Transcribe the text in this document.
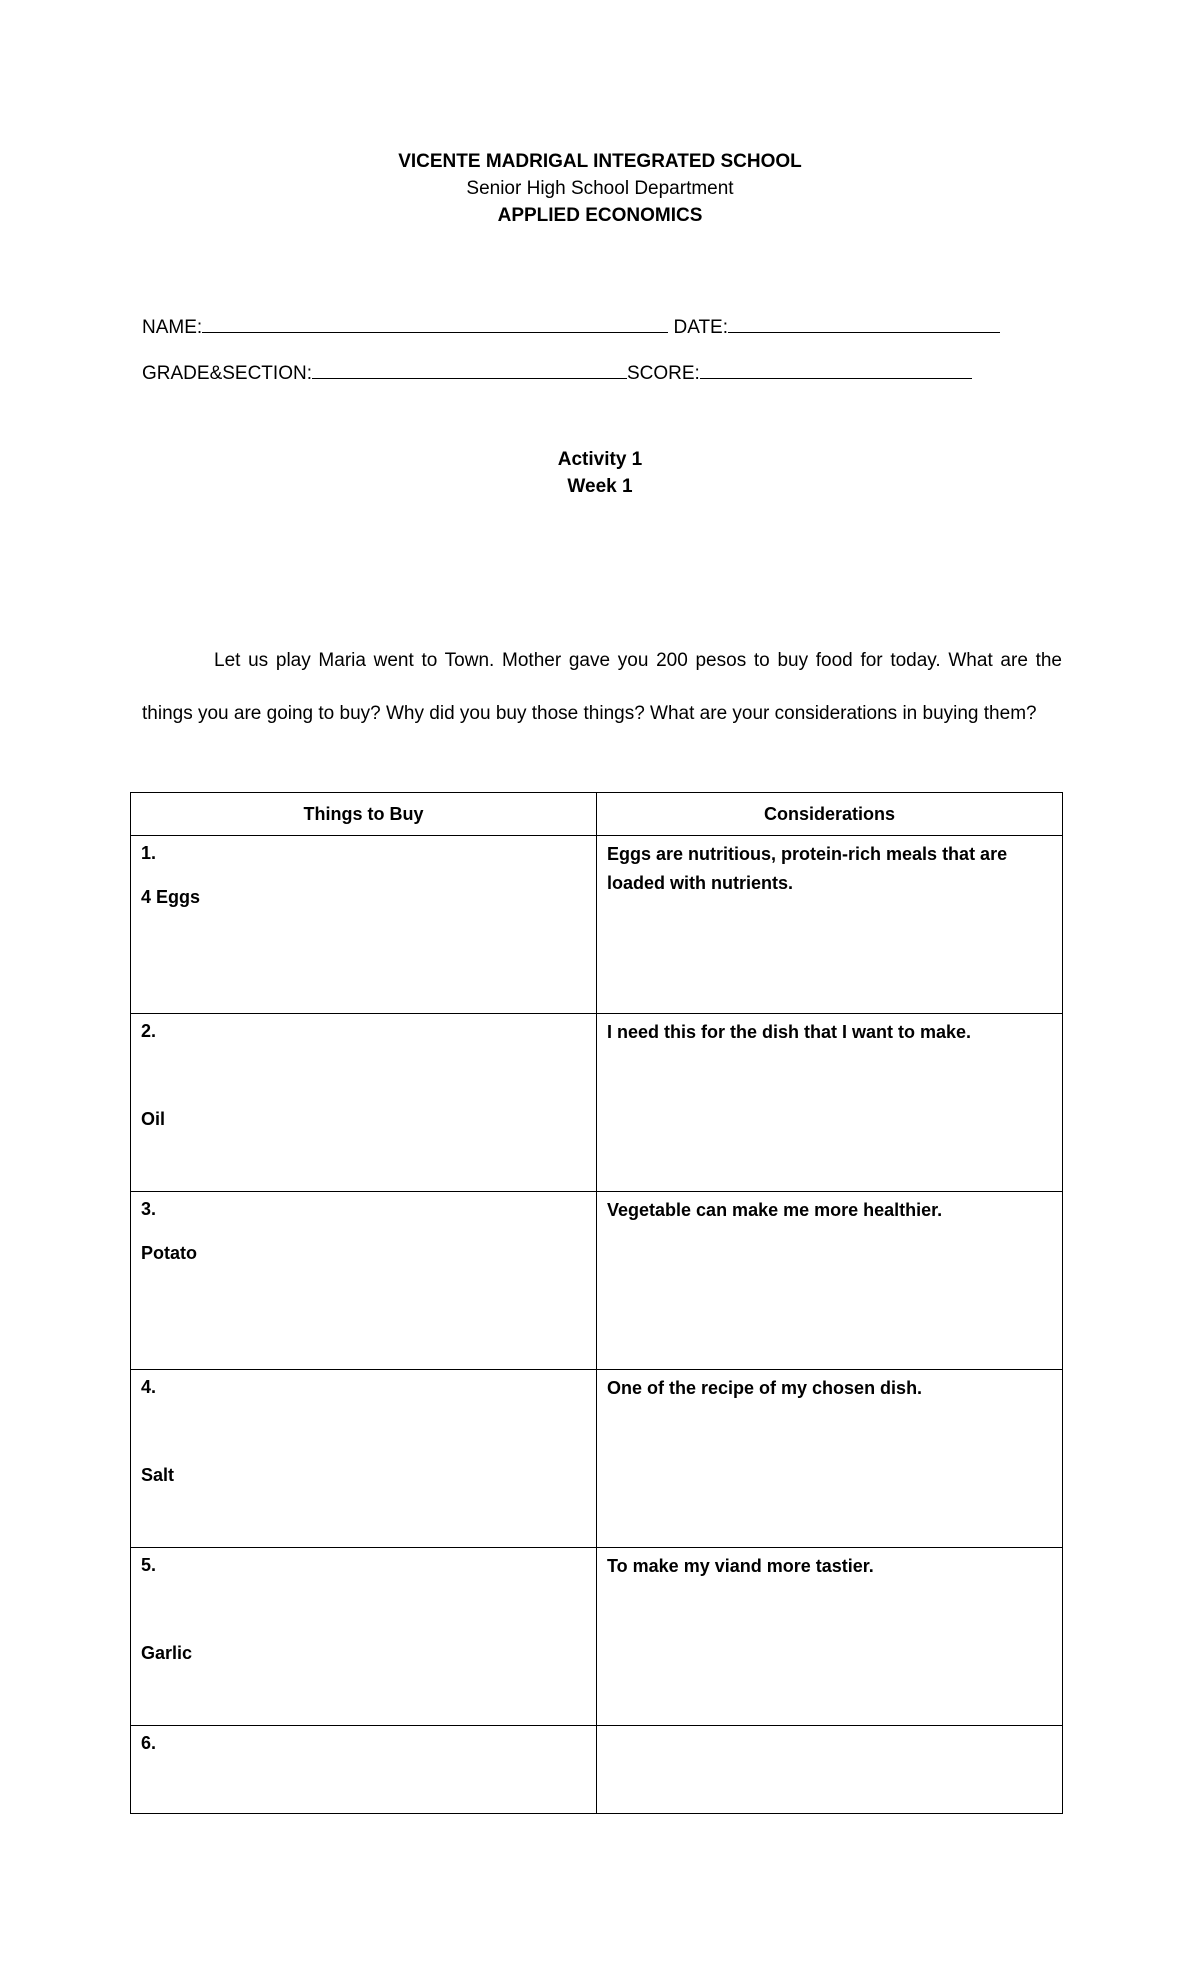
VICENTE MADRIGAL INTEGRATED SCHOOL
Senior High School Department
APPLIED ECONOMICS
NAME:	DATE:
GRADE&SECTION:	SCORE:
Activity 1
Week 1

Let us play Maria went to Town. Mother gave you 200 pesos to buy food for today. What are the things you are going to buy? Why did you buy those things? What are your considerations in buying them?

Things to Buy	Considerations

1.
4 Eggs	Eggs are nutritious, protein-rich meals that are loaded with nutrients.

2.
Oil	I need this for the dish that I want to make.

3.
Potato	Vegetable can make me more healthier.

4.
Salt	One of the recipe of my chosen dish.

5.
Garlic	To make my viand more tastier.

6.	
